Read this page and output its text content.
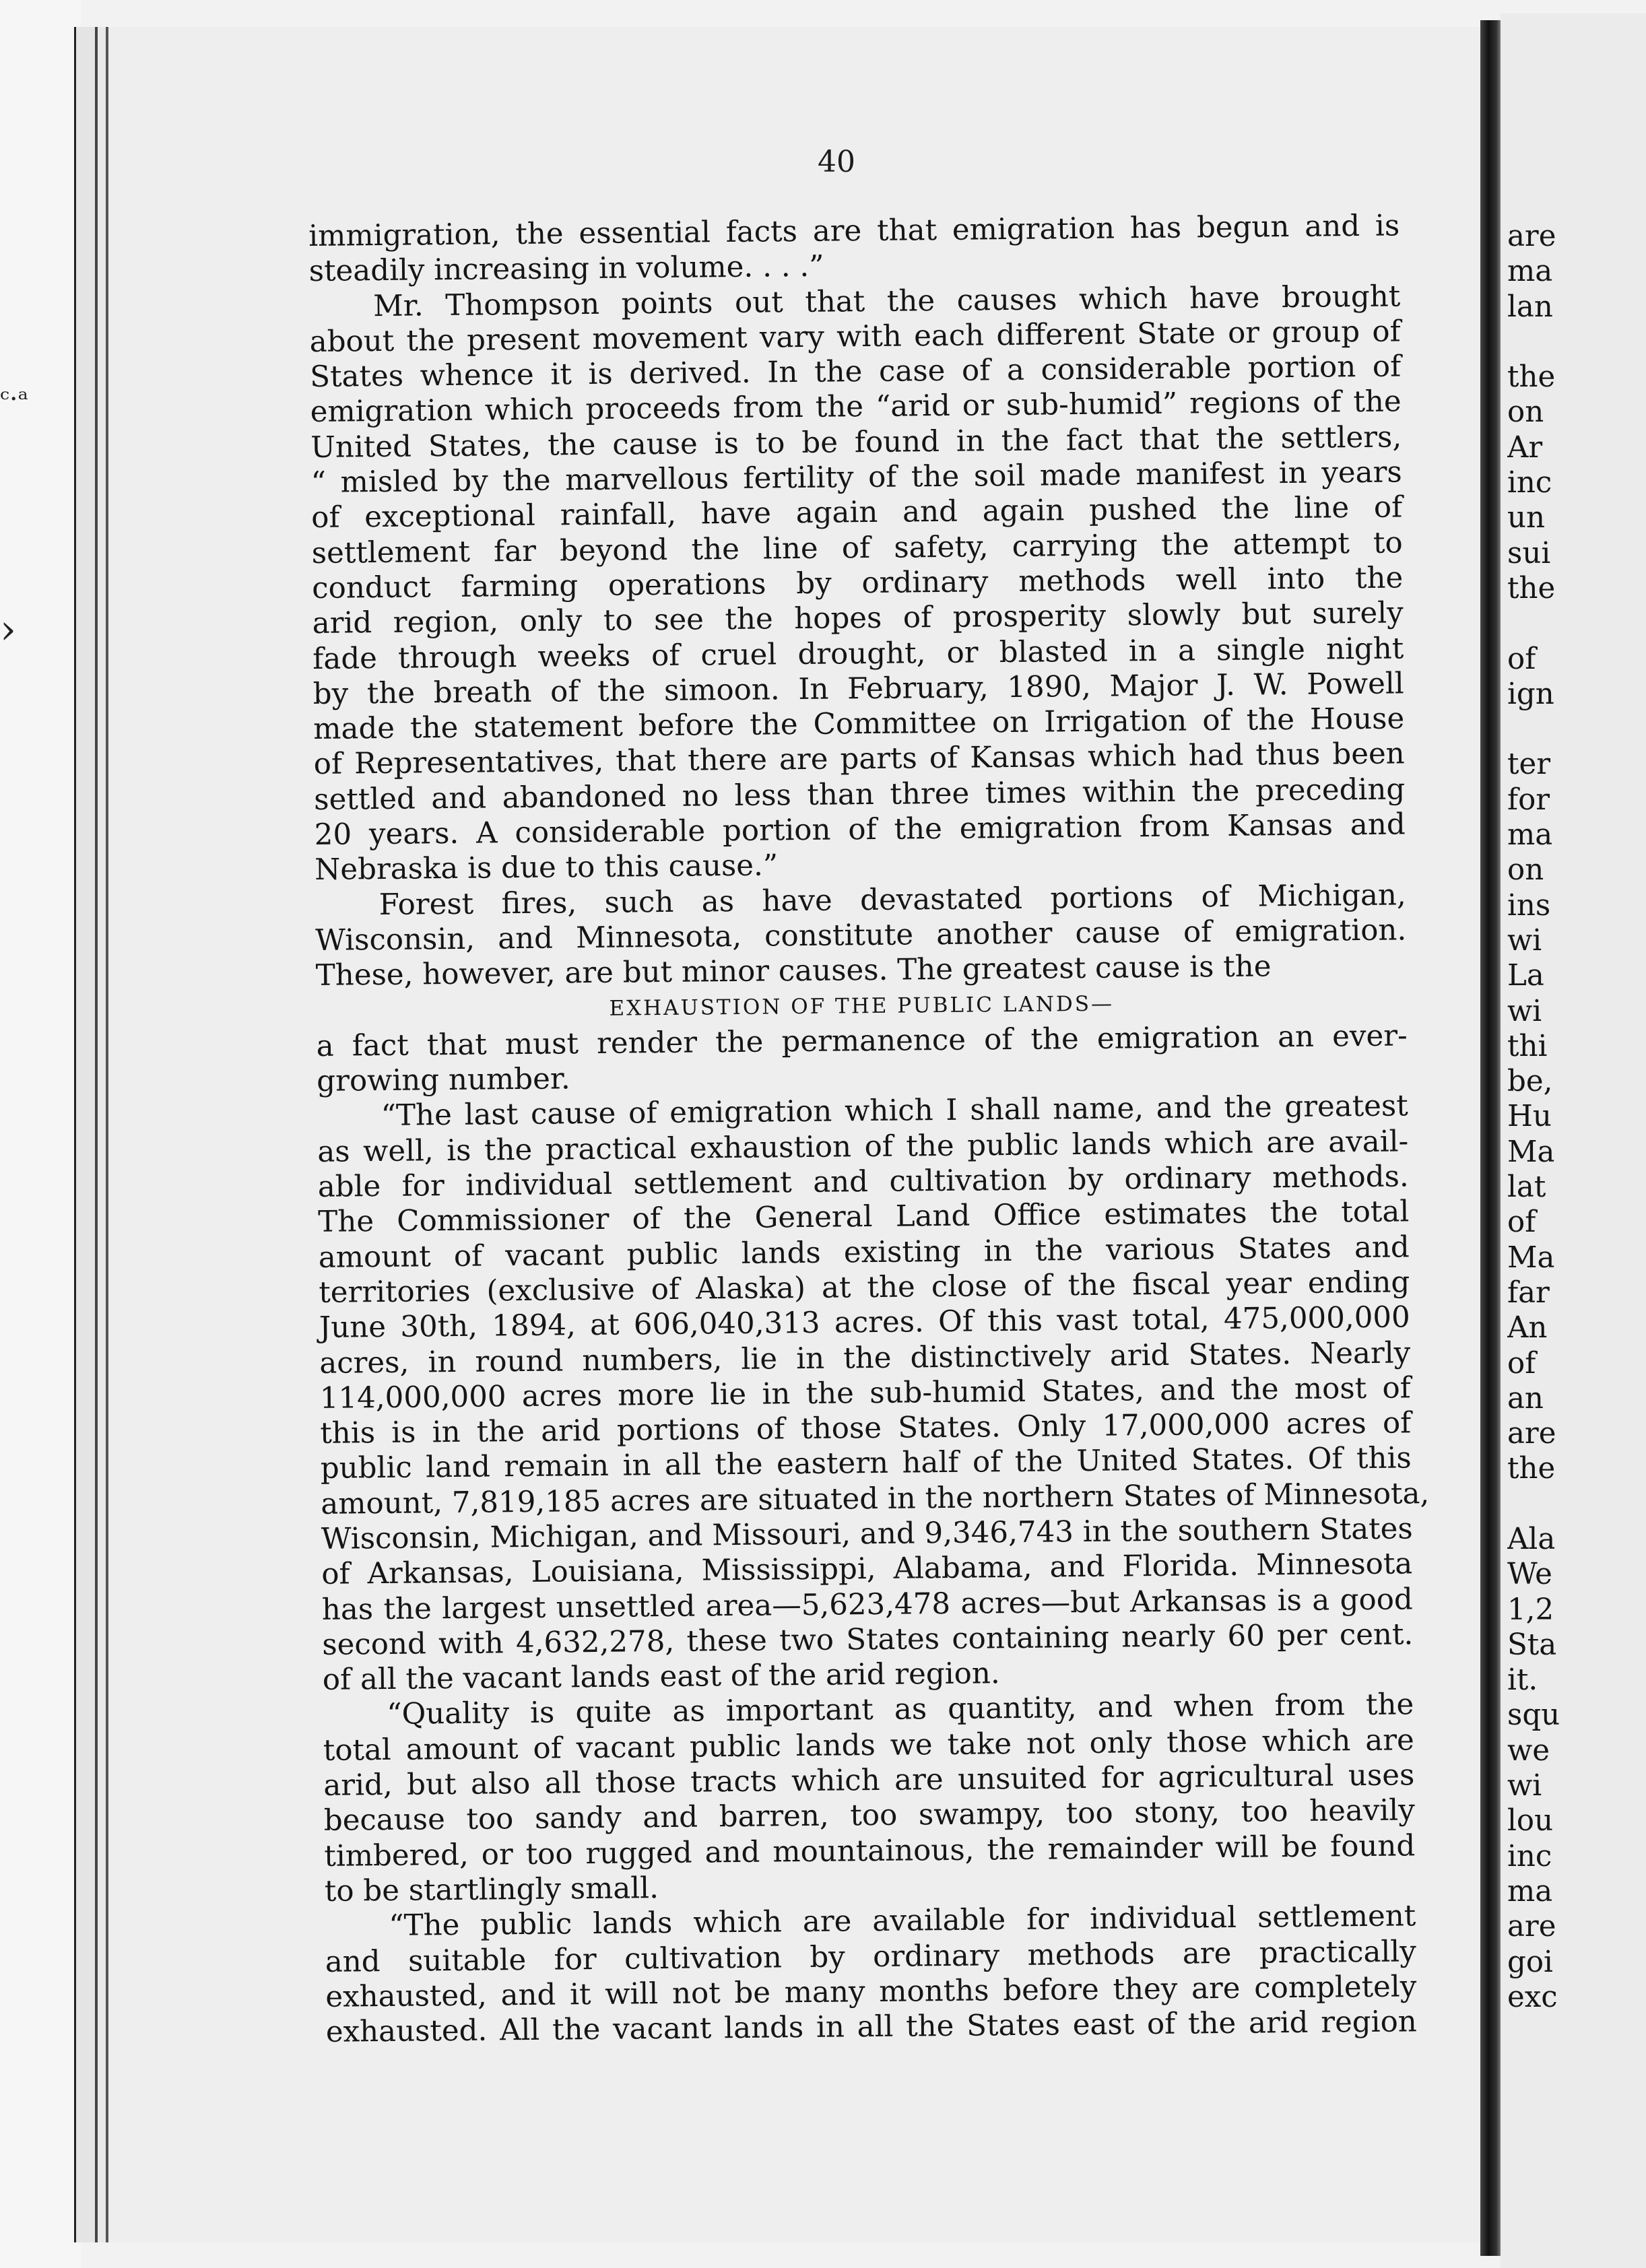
ᶜ·ᵃ
›
40
immigration, the essential facts are that emigration has begun and is
steadily increasing in volume. . . .”
Mr. Thompson points out that the causes which have brought
about the present movement vary with each different State or group of
States whence it is derived. In the case of a considerable portion of
emigration which proceeds from the “arid or sub-humid” regions of the
United States, the cause is to be found in the fact that the settlers,
“ misled by the marvellous fertility of the soil made manifest in years
of exceptional rainfall, have again and again pushed the line of
settlement far beyond the line of safety, carrying the attempt to
conduct farming operations by ordinary methods well into the
arid region, only to see the hopes of prosperity slowly but surely
fade through weeks of cruel drought, or blasted in a single night
by the breath of the simoon. In February, 1890, Major J. W. Powell
made the statement before the Committee on Irrigation of the House
of Representatives, that there are parts of Kansas which had thus been
settled and abandoned no less than three times within the preceding
20 years. A considerable portion of the emigration from Kansas and
Nebraska is due to this cause.”
Forest fires, such as have devastated portions of Michigan,
Wisconsin, and Minnesota, constitute another cause of emigration.
These, however, are but minor causes. The greatest cause is the
EXHAUSTION OF THE PUBLIC LANDS—
a fact that must render the permanence of the emigration an ever-
growing number.
“The last cause of emigration which I shall name, and the greatest
as well, is the practical exhaustion of the public lands which are avail-
able for individual settlement and cultivation by ordinary methods.
The Commissioner of the General Land Office estimates the total
amount of vacant public lands existing in the various States and
territories (exclusive of Alaska) at the close of the fiscal year ending
June 30th, 1894, at 606,040,313 acres. Of this vast total, 475,000,000
acres, in round numbers, lie in the distinctively arid States. Nearly
114,000,000 acres more lie in the sub-humid States, and the most of
this is in the arid portions of those States. Only 17,000,000 acres of
public land remain in all the eastern half of the United States. Of this
amount, 7,819,185 acres are situated in the northern States of Minnesota,
Wisconsin, Michigan, and Missouri, and 9,346,743 in the southern States
of Arkansas, Louisiana, Mississippi, Alabama, and Florida. Minnesota
has the largest unsettled area—5,623,478 acres—but Arkansas is a good
second with 4,632,278, these two States containing nearly 60 per cent.
of all the vacant lands east of the arid region.
“Quality is quite as important as quantity, and when from the
total amount of vacant public lands we take not only those which are
arid, but also all those tracts which are unsuited for agricultural uses
because too sandy and barren, too swampy, too stony, too heavily
timbered, or too rugged and mountainous, the remainder will be found
to be startlingly small.
“The public lands which are available for individual settlement
and suitable for cultivation by ordinary methods are practically
exhausted, and it will not be many months before they are completely
exhausted. All the vacant lands in all the States east of the arid region
are
ma
lan
the
on
Ar
inc
un
sui
the
of
ign
ter
for
ma
on
ins
wi
La
wi
thi
be,
Hu
Ma
lat
of
Ma
far
An
of
an
are
the
Ala
We
1,2
Sta
it.
squ
we
wi
lou
inc
ma
are
goi
exc
